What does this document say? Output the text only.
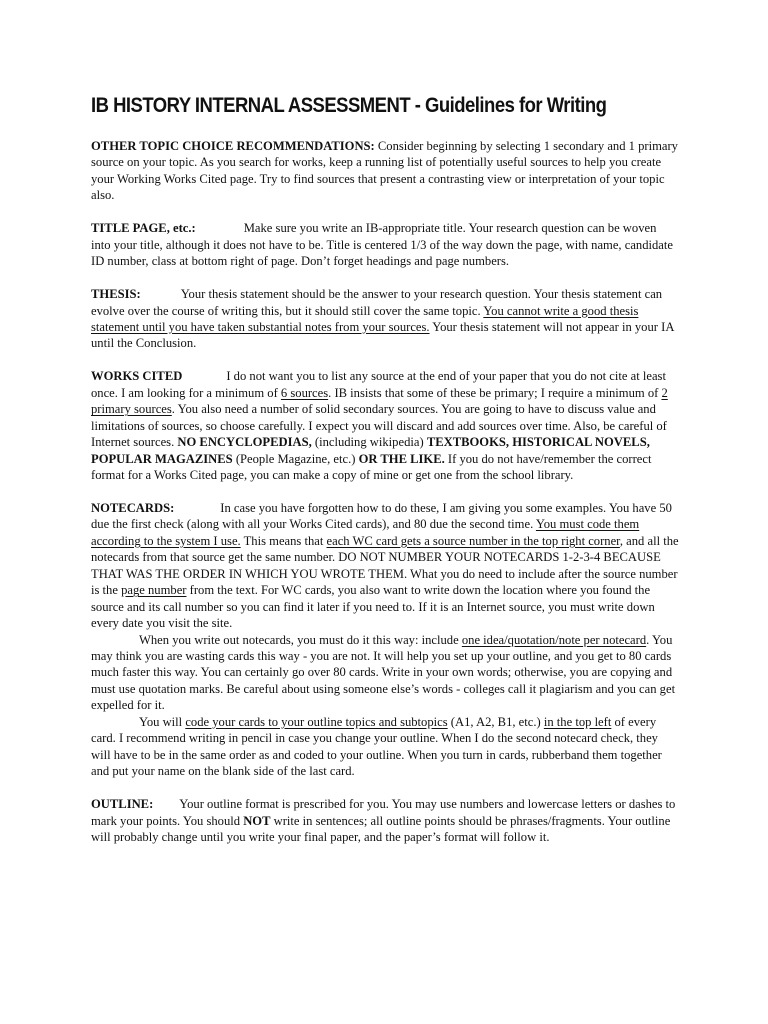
IB HISTORY INTERNAL ASSESSMENT - Guidelines for Writing

OTHER TOPIC CHOICE RECOMMENDATIONS: Consider beginning by selecting 1 secondary and 1 primary source on your topic. As you search for works, keep a running list of potentially useful sources to help you create your Working Works Cited page. Try to find sources that present a contrasting view or interpretation of your topic also.

TITLE PAGE, etc.:	Make sure you write an IB-appropriate title. Your research question can be woven into your title, although it does not have to be. Title is centered 1/3 of the way down the page, with name, candidate ID number, class at bottom right of page. Don’t forget headings and page numbers.

THESIS:	Your thesis statement should be the answer to your research question. Your thesis statement can evolve over the course of writing this, but it should still cover the same topic. You cannot write a good thesis statement until you have taken substantial notes from your sources. Your thesis statement will not appear in your IA until the Conclusion.

WORKS CITED	I do not want you to list any source at the end of your paper that you do not cite at least once. I am looking for a minimum of 6 sources. IB insists that some of these be primary; I require a minimum of 2 primary sources. You also need a number of solid secondary sources. You are going to have to discuss value and limitations of sources, so choose carefully. I expect you will discard and add sources over time. Also, be careful of Internet sources. NO ENCYCLOPEDIAS, (including wikipedia) TEXTBOOKS, HISTORICAL NOVELS, POPULAR MAGAZINES (People Magazine, etc.) OR THE LIKE. If you do not have/remember the correct format for a Works Cited page, you can make a copy of mine or get one from the school library.

NOTECARDS:	In case you have forgotten how to do these, I am giving you some examples. You have 50 due the first check (along with all your Works Cited cards), and 80 due the second time. You must code them according to the system I use. This means that each WC card gets a source number in the top right corner, and all the notecards from that source get the same number. DO NOT NUMBER YOUR NOTECARDS 1-2-3-4 BECAUSE THAT WAS THE ORDER IN WHICH YOU WROTE THEM. What you do need to include after the source number is the page number from the text. For WC cards, you also want to write down the location where you found the source and its call number so you can find it later if you need to. If it is an Internet source, you must write down every date you visit the site.

When you write out notecards, you must do it this way: include one idea/quotation/note per notecard. You may think you are wasting cards this way - you are not. It will help you set up your outline, and you get to 80 cards much faster this way. You can certainly go over 80 cards. Write in your own words; otherwise, you are copying and must use quotation marks. Be careful about using someone else’s words - colleges call it plagiarism and you can get expelled for it.

You will code your cards to your outline topics and subtopics (A1, A2, B1, etc.) in the top left of every card. I recommend writing in pencil in case you change your outline. When I do the second notecard check, they will have to be in the same order as and coded to your outline. When you turn in cards, rubberband them together and put your name on the blank side of the last card.

OUTLINE: Your outline format is prescribed for you. You may use numbers and lowercase letters or dashes to mark your points. You should NOT write in sentences; all outline points should be phrases/fragments. Your outline will probably change until you write your final paper, and the paper’s format will follow it.
